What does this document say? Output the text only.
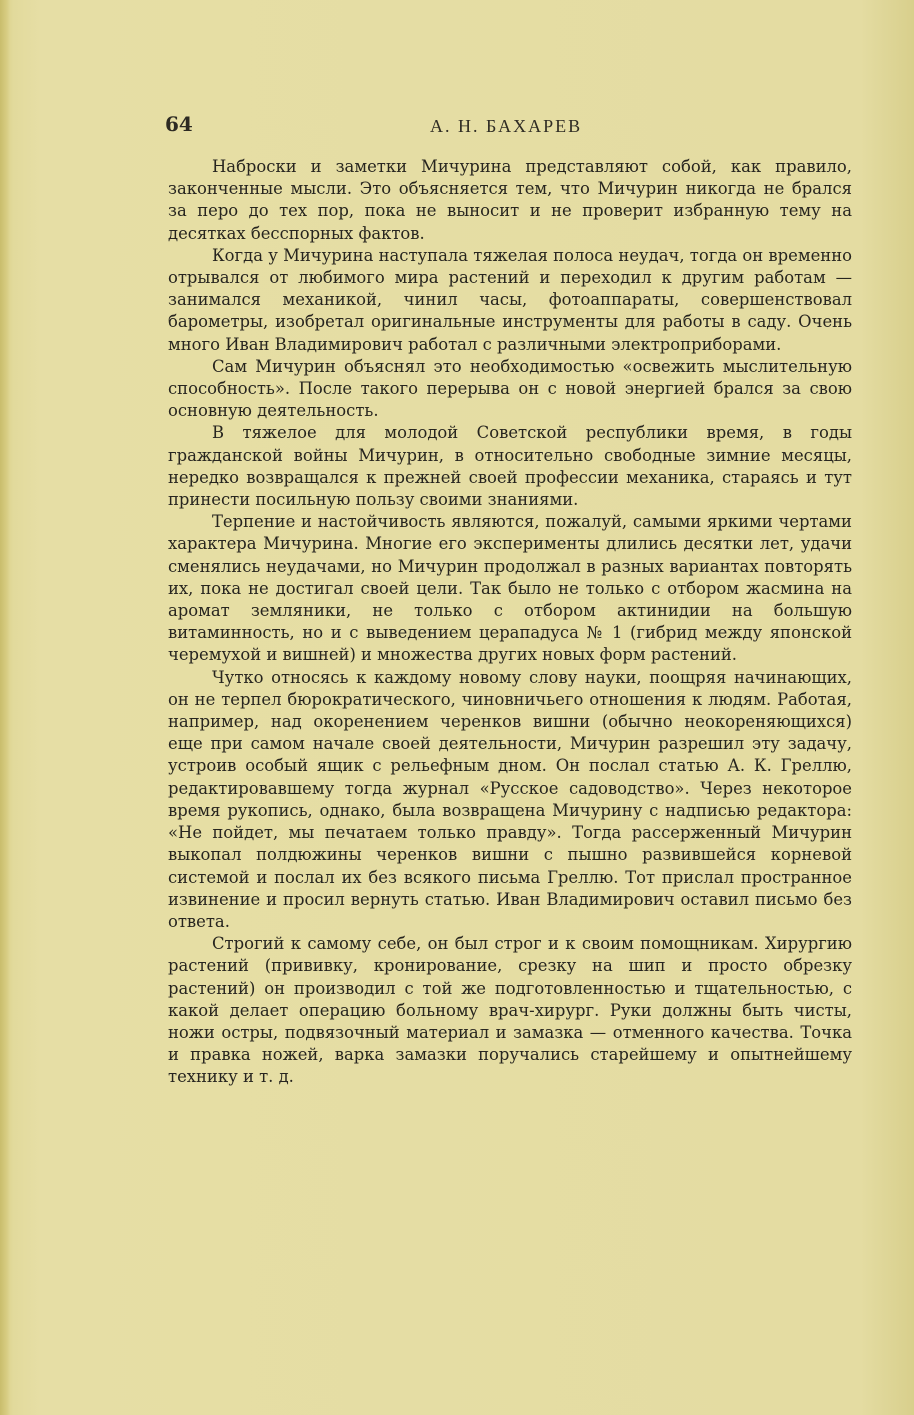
64	А. Н. БАХАРЕВ

Наброски и заметки Мичурина представляют собой, как правило, законченные мысли. Это объясняется тем, что Мичурин никогда не брался за перо до тех пор, пока не выносит и не проверит избранную тему на десятках бесспорных фактов.

Когда у Мичурина наступала тяжелая полоса неудач, тогда он временно отрывался от любимого мира растений и переходил к другим работам — занимался механикой, чинил часы, фотоаппараты, совершенствовал барометры, изобретал оригинальные инструменты для работы в саду. Очень много Иван Владимирович работал с различными электроприборами.

Сам Мичурин объяснял это необходимостью «освежить мыслительную способность». После такого перерыва он с новой энергией брался за свою основную деятельность.

В тяжелое для молодой Советской республики время, в годы гражданской войны Мичурин, в относительно свободные зимние месяцы, нередко возвращался к прежней своей профессии механика, стараясь и тут принести посильную пользу своими знаниями.

Терпение и настойчивость являются, пожалуй, самыми яркими чертами характера Мичурина. Многие его эксперименты длились десятки лет, удачи сменялись неудачами, но Мичурин продолжал в разных вариантах повторять их, пока не достигал своей цели. Так было не только с отбором жасмина на аромат земляники, не только с отбором актинидии на большую витаминность, но и с выведением церападуса № 1 (гибрид между японской черемухой и вишней) и множества других новых форм растений.

Чутко относясь к каждому новому слову науки, поощряя начинающих, он не терпел бюрократического, чиновничьего отношения к людям. Работая, например, над окоренением черенков вишни (обычно неокореняющихся) еще при самом начале своей деятельности, Мичурин разрешил эту задачу, устроив особый ящик с рельефным дном. Он послал статью А. К. Греллю, редактировавшему тогда журнал «Русское садоводство». Через некоторое время рукопись, однако, была возвращена Мичурину с надписью редактора: «Не пойдет, мы печатаем только правду». Тогда рассерженный Мичурин выкопал полдюжины черенков вишни с пышно развившейся корневой системой и послал их без всякого письма Греллю. Тот прислал пространное извинение и просил вернуть статью. Иван Владимирович оставил письмо без ответа.

Строгий к самому себе, он был строг и к своим помощникам. Хирургию растений (прививку, кронирование, срезку на шип и просто обрезку растений) он производил с той же подготовленностью и тщательностью, с какой делает операцию больному врач-хирург. Руки должны быть чисты, ножи остры, подвязочный материал и замазка — отменного качества. Точка и правка ножей, варка замазки поручались старейшему и опытнейшему технику и т. д.
